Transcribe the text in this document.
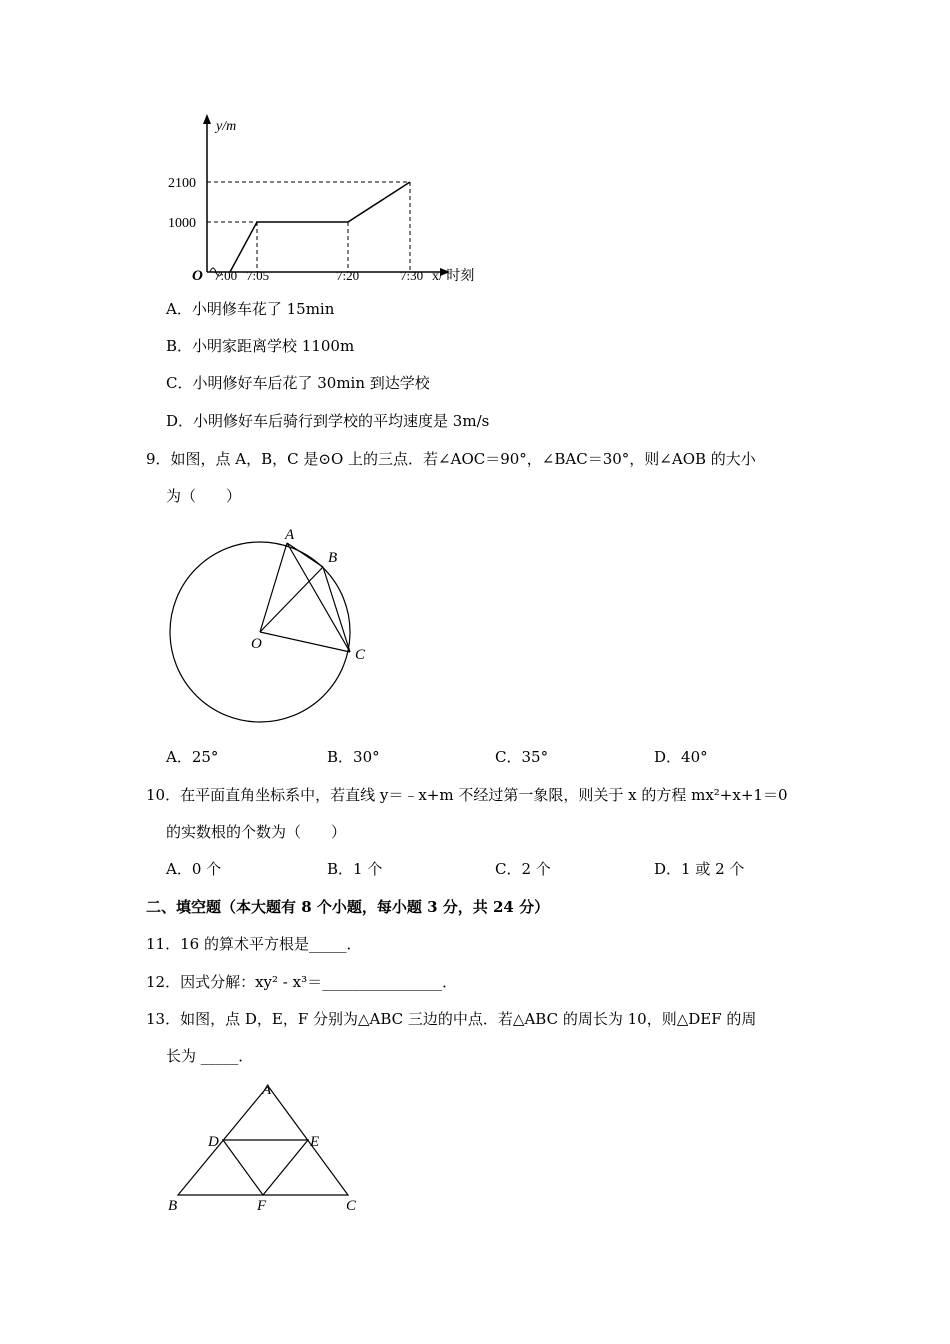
y/m
2100
1000
O 7:00 7:05	7:20	7:30 x/ 时刻
A．小明修车花了 15min
B．小明家距离学校 1100m
C．小明修好车后花了 30min 到达学校
D．小明修好车后骑行到学校的平均速度是 3m/s
9．如图，点 A，B，C 是⊙O 上的三点．若∠AOC＝90°，∠BAC＝30°，则∠AOB 的大小
为（　　）
A
B
C
O
A．25°	B．30°	C．35°	D．40°
10．在平面直角坐标系中，若直线 y＝﹣x+m 不经过第一象限，则关于 x 的方程 mx²+x+1＝0
的实数根的个数为（　　）
A．0 个	B．1 个	C．2 个	D．1 或 2 个
二、填空题（本大题有 8 个小题，每小题 3 分，共 24 分）
11．16 的算术平方根是_____．
12．因式分解：xy² - x³＝________________．
13．如图，点 D，E，F 分别为△ABC 三边的中点．若△ABC 的周长为 10，则△DEF 的周
长为 _____．
A
B	C
D	E
F
